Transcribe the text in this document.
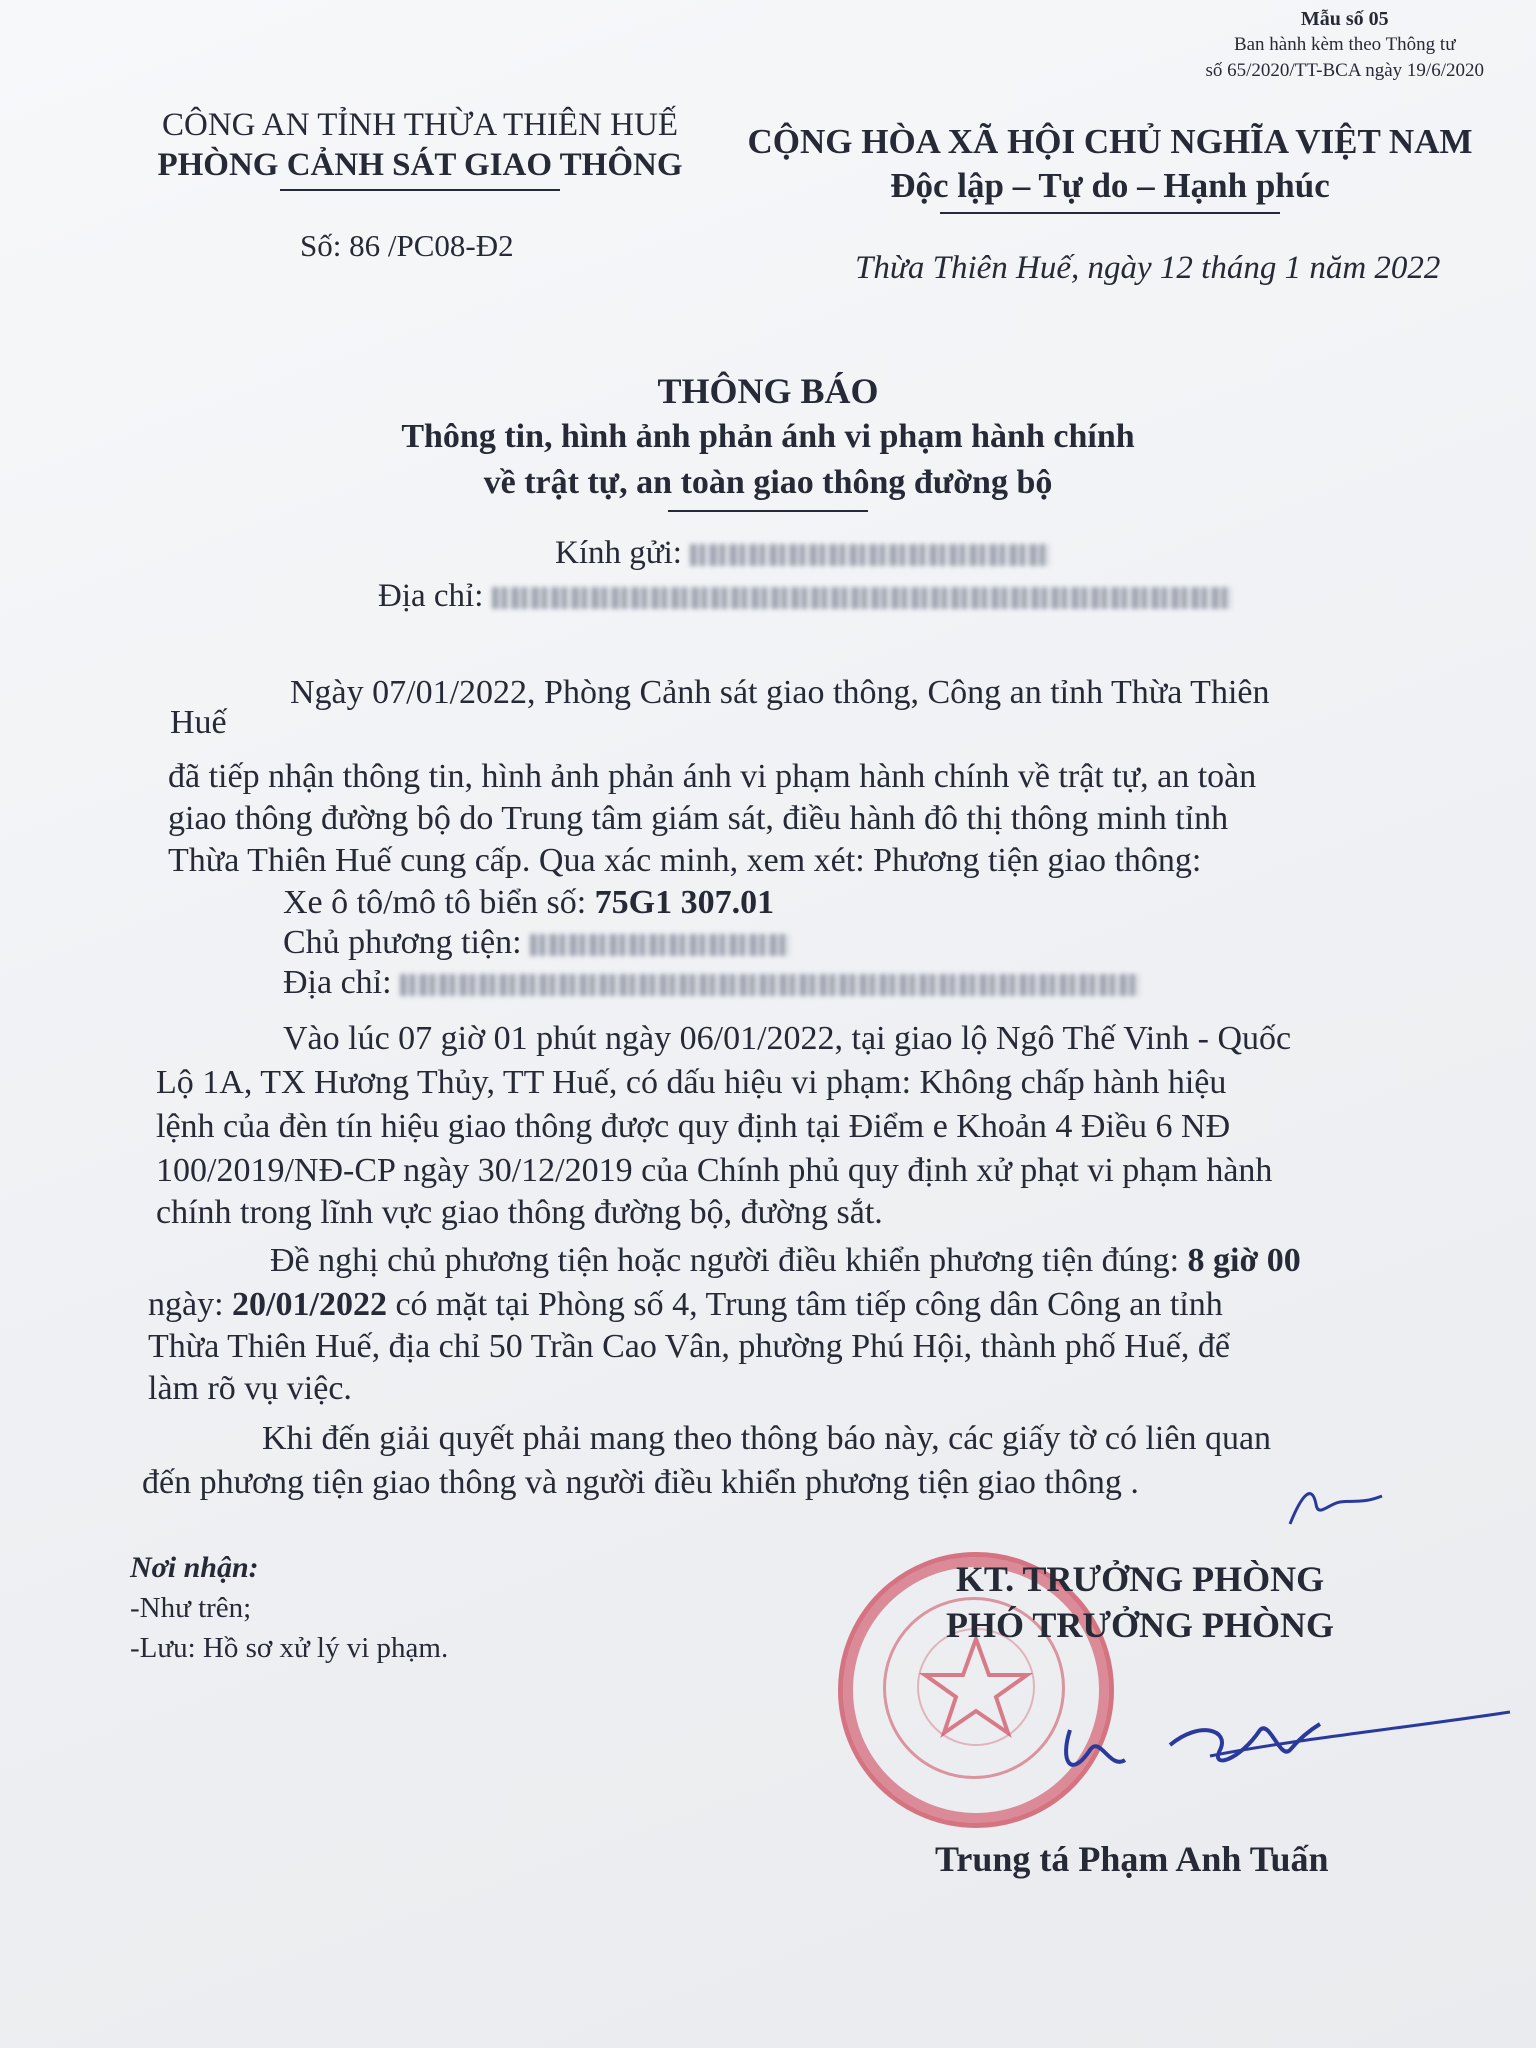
Mẫu số 05
Ban hành kèm theo Thông tư
số 65/2020/TT-BCA ngày 19/6/2020
CÔNG AN TỈNH THỪA THIÊN HUẾ
PHÒNG CẢNH SÁT GIAO THÔNG
CỘNG HÒA XÃ HỘI CHỦ NGHĨA VIỆT NAM
Độc lập – Tự do – Hạnh phúc
Số: 86 /PC08-Đ2
Thừa Thiên Huế, ngày 12 tháng 1 năm 2022
THÔNG BÁO
Thông tin, hình ảnh phản ánh vi phạm hành chính
về trật tự, an toàn giao thông đường bộ
Kính gửi:
Địa chỉ:
Ngày 07/01/2022, Phòng Cảnh sát giao thông, Công an tỉnh Thừa Thiên
Huế
đã tiếp nhận thông tin, hình ảnh phản ánh vi phạm hành chính về trật tự, an toàn
giao thông đường bộ do Trung tâm giám sát, điều hành đô thị thông minh tỉnh
Thừa Thiên Huế cung cấp. Qua xác minh, xem xét: Phương tiện giao thông:
Xe ô tô/mô tô biển số: 75G1 307.01
Chủ phương tiện:
Địa chỉ:
Vào lúc 07 giờ 01 phút ngày 06/01/2022, tại giao lộ Ngô Thế Vinh - Quốc
Lộ 1A, TX Hương Thủy, TT Huế, có dấu hiệu vi phạm: Không chấp hành hiệu
lệnh của đèn tín hiệu giao thông được quy định tại Điểm e Khoản 4 Điều 6 NĐ
100/2019/NĐ-CP ngày 30/12/2019 của Chính phủ quy định xử phạt vi phạm hành
chính trong lĩnh vực giao thông đường bộ, đường sắt.
Đề nghị chủ phương tiện hoặc người điều khiển phương tiện đúng: 8 giờ 00
ngày: 20/01/2022 có mặt tại Phòng số 4, Trung tâm tiếp công dân Công an tỉnh
Thừa Thiên Huế, địa chỉ 50 Trần Cao Vân, phường Phú Hội, thành phố Huế, để
làm rõ vụ việc.
Khi đến giải quyết phải mang theo thông báo này, các giấy tờ có liên quan
đến phương tiện giao thông và người điều khiển phương tiện giao thông .
Nơi nhận:
-Như trên;
-Lưu: Hồ sơ xử lý vi phạm.
KT. TRƯỞNG PHÒNG
PHÓ TRƯỞNG PHÒNG
Trung tá Phạm Anh Tuấn
